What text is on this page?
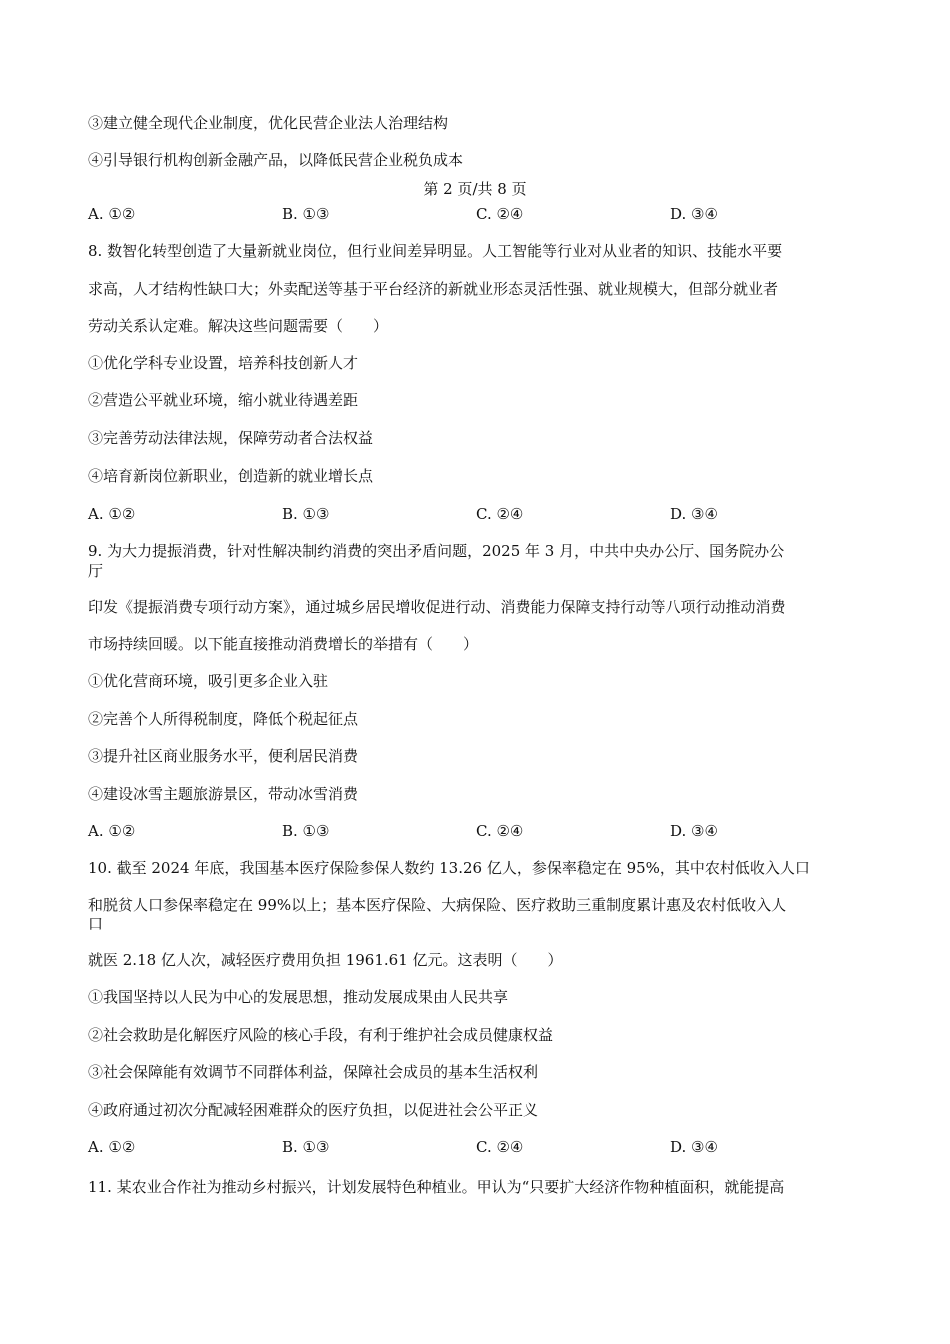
③建立健全现代企业制度，优化民营企业法人治理结构
④引导银行机构创新金融产品，以降低民营企业税负成本
第 2 页/共 8 页
A. ①②	B. ①③	C. ②④	D. ③④
8. 数智化转型创造了大量新就业岗位，但行业间差异明显。人工智能等行业对从业者的知识、技能水平要
求高，人才结构性缺口大；外卖配送等基于平台经济的新就业形态灵活性强、就业规模大，但部分就业者
劳动关系认定难。解决这些问题需要（　　）
①优化学科专业设置，培养科技创新人才
②营造公平就业环境，缩小就业待遇差距
③完善劳动法律法规，保障劳动者合法权益
④培育新岗位新职业，创造新的就业增长点
A. ①②	B. ①③	C. ②④	D. ③④
9. 为大力提振消费，针对性解决制约消费的突出矛盾问题，2025 年 3 月，中共中央办公厅、国务院办公
厅
印发《提振消费专项行动方案》，通过城乡居民增收促进行动、消费能力保障支持行动等八项行动推动消费
市场持续回暖。以下能直接推动消费增长的举措有（　　）
①优化营商环境，吸引更多企业入驻
②完善个人所得税制度，降低个税起征点
③提升社区商业服务水平，便利居民消费
④建设冰雪主题旅游景区，带动冰雪消费
A. ①②	B. ①③	C. ②④	D. ③④
10. 截至 2024 年底，我国基本医疗保险参保人数约 13.26 亿人，参保率稳定在 95%，其中农村低收入人口
和脱贫人口参保率稳定在 99%以上；基本医疗保险、大病保险、医疗救助三重制度累计惠及农村低收入人
口
就医 2.18 亿人次，减轻医疗费用负担 1961.61 亿元。这表明（　　）
①我国坚持以人民为中心的发展思想，推动发展成果由人民共享
②社会救助是化解医疗风险的核心手段，有利于维护社会成员健康权益
③社会保障能有效调节不同群体利益，保障社会成员的基本生活权利
④政府通过初次分配减轻困难群众的医疗负担，以促进社会公平正义
A. ①②	B. ①③	C. ②④	D. ③④
11. 某农业合作社为推动乡村振兴，计划发展特色种植业。甲认为“只要扩大经济作物种植面积，就能提高
